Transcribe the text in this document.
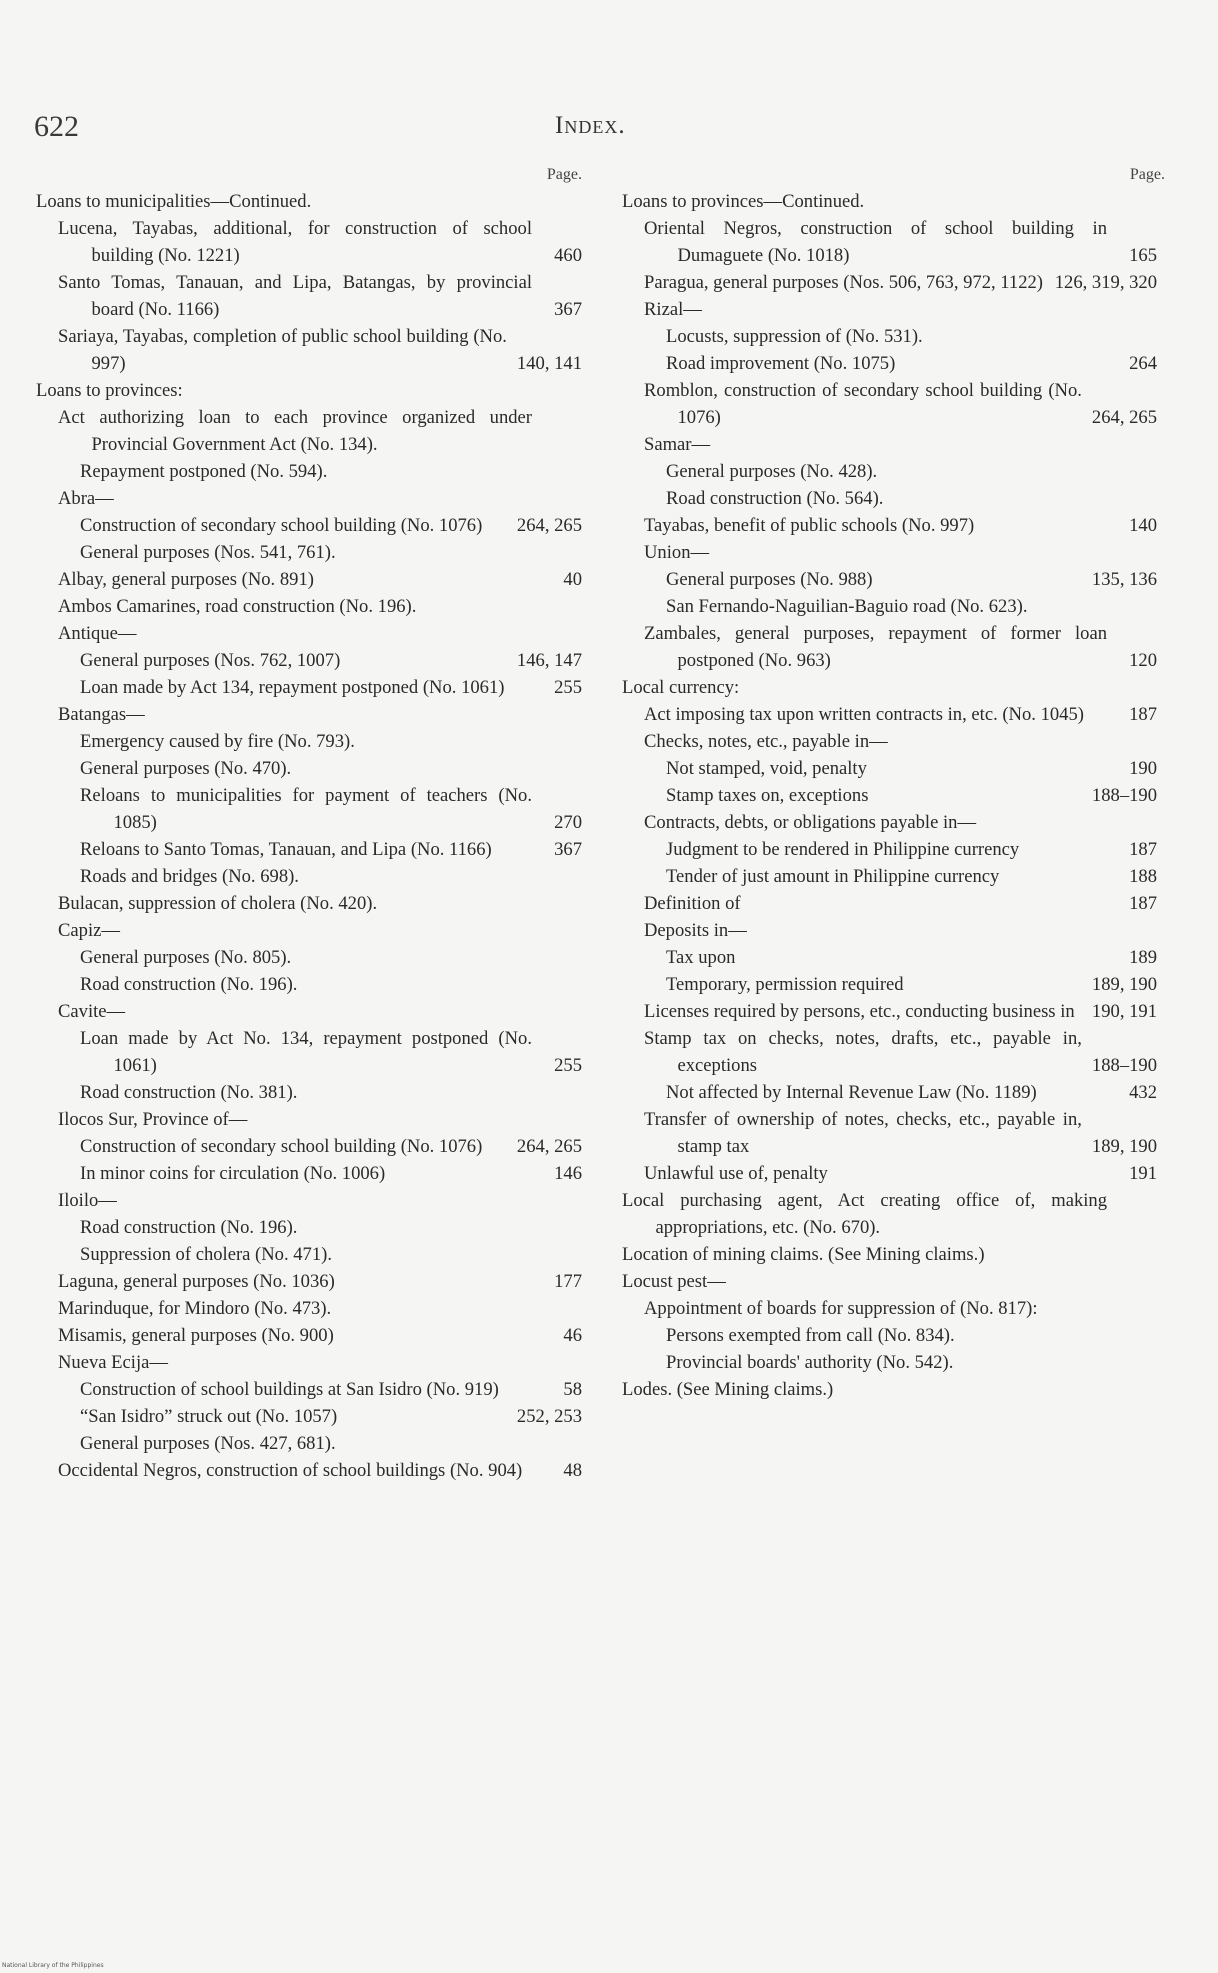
622	Index.
Page.
Loans to municipalities—Continued.
Lucena, Tayabas, additional, for construction of school building (No. 1221)	460
Santo Tomas, Tanauan, and Lipa, Batangas, by provincial board (No. 1166)	367
Sariaya, Tayabas, completion of public school building (No. 997)	140, 141
Loans to provinces:
Act authorizing loan to each province organized under Provincial Government Act (No. 134).
Repayment postponed (No. 594).
Abra—
Construction of secondary school building (No. 1076)	264, 265
General purposes (Nos. 541, 761).
Albay, general purposes (No. 891)	40
Ambos Camarines, road construction (No. 196).
Antique—
General purposes (Nos. 762, 1007)	146, 147
Loan made by Act 134, repayment postponed (No. 1061)	255
Batangas—
Emergency caused by fire (No. 793).
General purposes (No. 470).
Reloans to municipalities for payment of teachers (No. 1085)	270
Reloans to Santo Tomas, Tanauan, and Lipa (No. 1166)	367
Roads and bridges (No. 698).
Bulacan, suppression of cholera (No. 420).
Capiz—
General purposes (No. 805).
Road construction (No. 196).
Cavite—
Loan made by Act No. 134, repayment postponed (No. 1061)	255
Road construction (No. 381).
Ilocos Sur, Province of—
Construction of secondary school building (No. 1076)	264, 265
In minor coins for circulation (No. 1006)	146
Iloilo—
Road construction (No. 196).
Suppression of cholera (No. 471).
Laguna, general purposes (No. 1036)	177
Marinduque, for Mindoro (No. 473).
Misamis, general purposes (No. 900)	46
Nueva Ecija—
Construction of school buildings at San Isidro (No. 919)	58
“San Isidro” struck out (No. 1057)	252, 253
General purposes (Nos. 427, 681).
Occidental Negros, construction of school buildings (No. 904)	48
Page.
Loans to provinces—Continued.
Oriental Negros, construction of school building in Dumaguete (No. 1018)	165
Paragua, general purposes (Nos. 506, 763, 972, 1122) 126, 319, 320
Rizal—
Locusts, suppression of (No. 531).
Road improvement (No. 1075)	264
Romblon, construction of secondary school building (No. 1076)	264, 265
Samar—
General purposes (No. 428).
Road construction (No. 564).
Tayabas, benefit of public schools (No. 997)	140
Union—
General purposes (No. 988)	135, 136
San Fernando-Naguilian-Baguio road (No. 623).
Zambales, general purposes, repayment of former loan postponed (No. 963)	120
Local currency:
Act imposing tax upon written contracts in, etc. (No. 1045)	187
Checks, notes, etc., payable in—
Not stamped, void, penalty	190
Stamp taxes on, exceptions	188–190
Contracts, debts, or obligations payable in—
Judgment to be rendered in Philippine currency	187
Tender of just amount in Philippine currency	188
Definition of	187
Deposits in—
Tax upon	189
Temporary, permission required	189, 190
Licenses required by persons, etc., conducting business in 190, 191
Stamp tax on checks, notes, drafts, etc., payable in, exceptions	188–190
Not affected by Internal Revenue Law (No. 1189)	432
Transfer of ownership of notes, checks, etc., payable in, stamp tax	189, 190
Unlawful use of, penalty	191
Local purchasing agent, Act creating office of, making appropriations, etc. (No. 670).
Location of mining claims. (See Mining claims.)
Locust pest—
Appointment of boards for suppression of (No. 817):
Persons exempted from call (No. 834).
Provincial boards' authority (No. 542).
Lodes. (See Mining claims.)
National Library of the Philippines
